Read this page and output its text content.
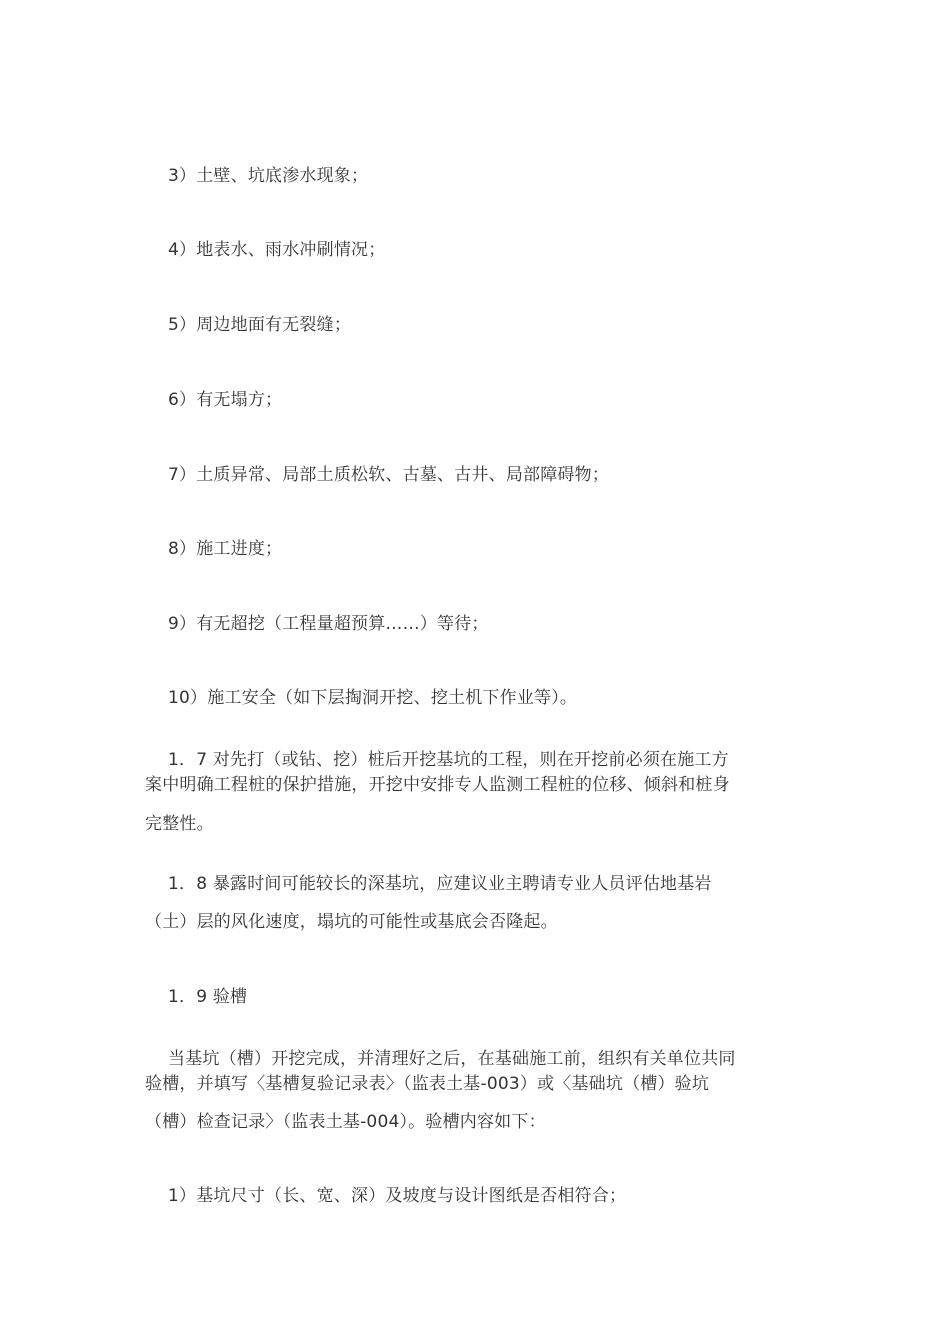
3）土壁、坑底渗水现象；
4）地表水、雨水冲刷情况；
5）周边地面有无裂缝；
6）有无塌方；
7）土质异常、局部土质松软、古墓、古井、局部障碍物；
8）施工进度；
9）有无超挖（工程量超预算……）等待；
10）施工安全（如下层掏洞开挖、挖土机下作业等）。
1．7 对先打（或钻、挖）桩后开挖基坑的工程，则在开挖前必须在施工方
案中明确工程桩的保护措施，开挖中安排专人监测工程桩的位移、倾斜和桩身
完整性。
1．8 暴露时间可能较长的深基坑，应建议业主聘请专业人员评估地基岩
（土）层的风化速度，塌坑的可能性或基底会否隆起。
1．9 验槽
当基坑（槽）开挖完成，并清理好之后，在基础施工前，组织有关单位共同
验槽，并填写〈基槽复验记录表〉（监表土基-003）或〈基础坑（槽）验坑
（槽）检查记录〉（监表土基-004）。验槽内容如下：
1）基坑尺寸（长、宽、深）及坡度与设计图纸是否相符合；
